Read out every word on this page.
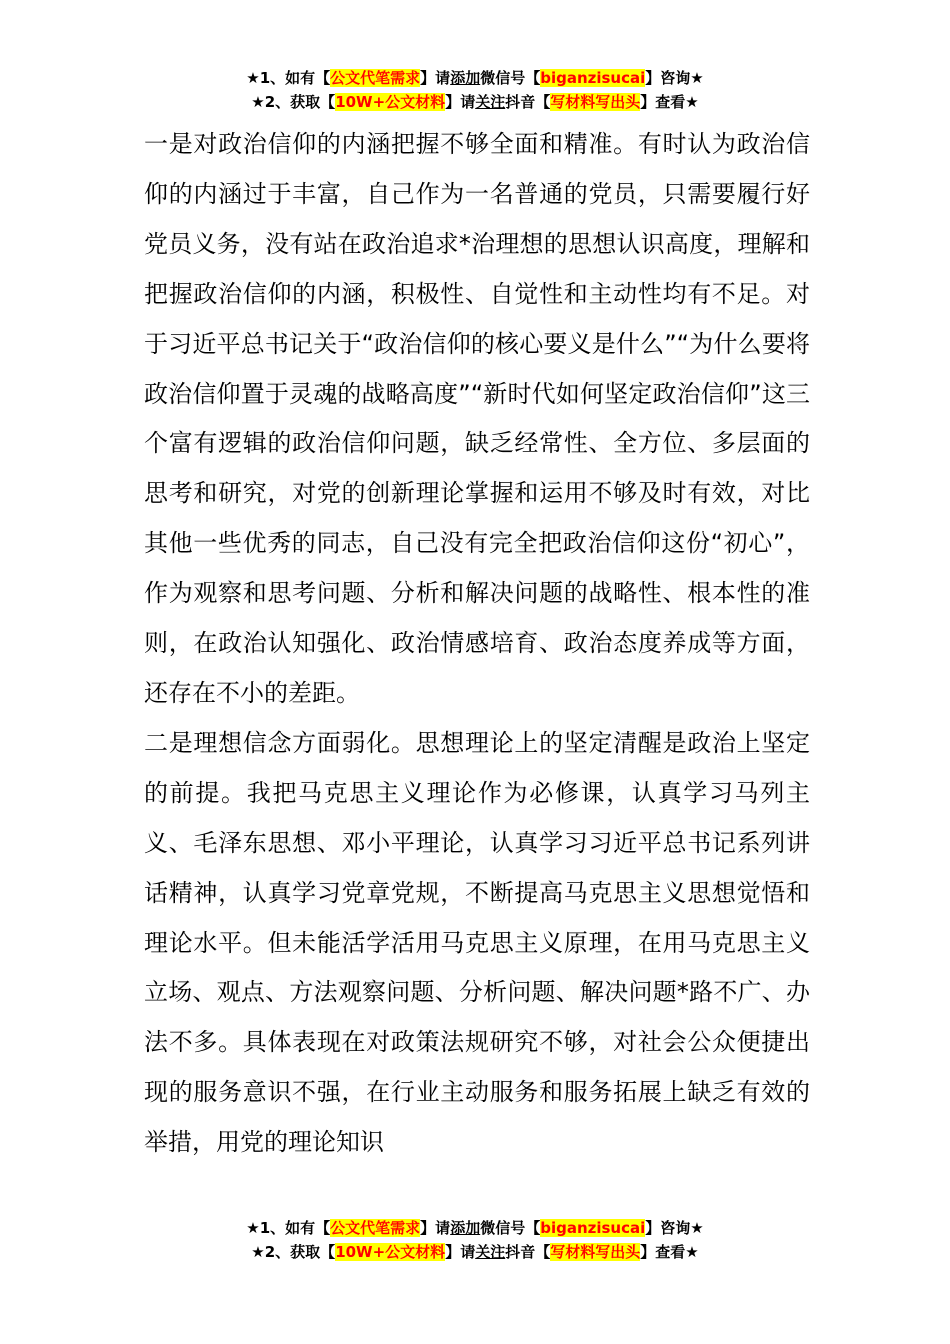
★1、如有【公文代笔需求】请添加微信号【biganzisucai】咨询★
★2、获取【10W+公文材料】请关注抖音【写材料写出头】查看★

一是对政治信仰的内涵把握不够全面和精准。有时认为政治信仰的内涵过于丰富，自己作为一名普通的党员，只需要履行好党员义务，没有站在政治追求*治理想的思想认识高度，理解和把握政治信仰的内涵，积极性、自觉性和主动性均有不足。对于习近平总书记关于“政治信仰的核心要义是什么”“为什么要将政治信仰置于灵魂的战略高度”“新时代如何坚定政治信仰”这三个富有逻辑的政治信仰问题，缺乏经常性、全方位、多层面的思考和研究，对党的创新理论掌握和运用不够及时有效，对比其他一些优秀的同志，自己没有完全把政治信仰这份“初心”，作为观察和思考问题、分析和解决问题的战略性、根本性的准则，在政治认知强化、政治情感培育、政治态度养成等方面，还存在不小的差距。

二是理想信念方面弱化。思想理论上的坚定清醒是政治上坚定的前提。我把马克思主义理论作为必修课，认真学习马列主义、毛泽东思想、邓小平理论，认真学习习近平总书记系列讲话精神，认真学习党章党规，不断提高马克思主义思想觉悟和理论水平。但未能活学活用马克思主义原理，在用马克思主义立场、观点、方法观察问题、分析问题、解决问题*路不广、办法不多。具体表现在对政策法规研究不够，对社会公众便捷出现的服务意识不强，在行业主动服务和服务拓展上缺乏有效的举措，用党的理论知识

★1、如有【公文代笔需求】请添加微信号【biganzisucai】咨询★
★2、获取【10W+公文材料】请关注抖音【写材料写出头】查看★
